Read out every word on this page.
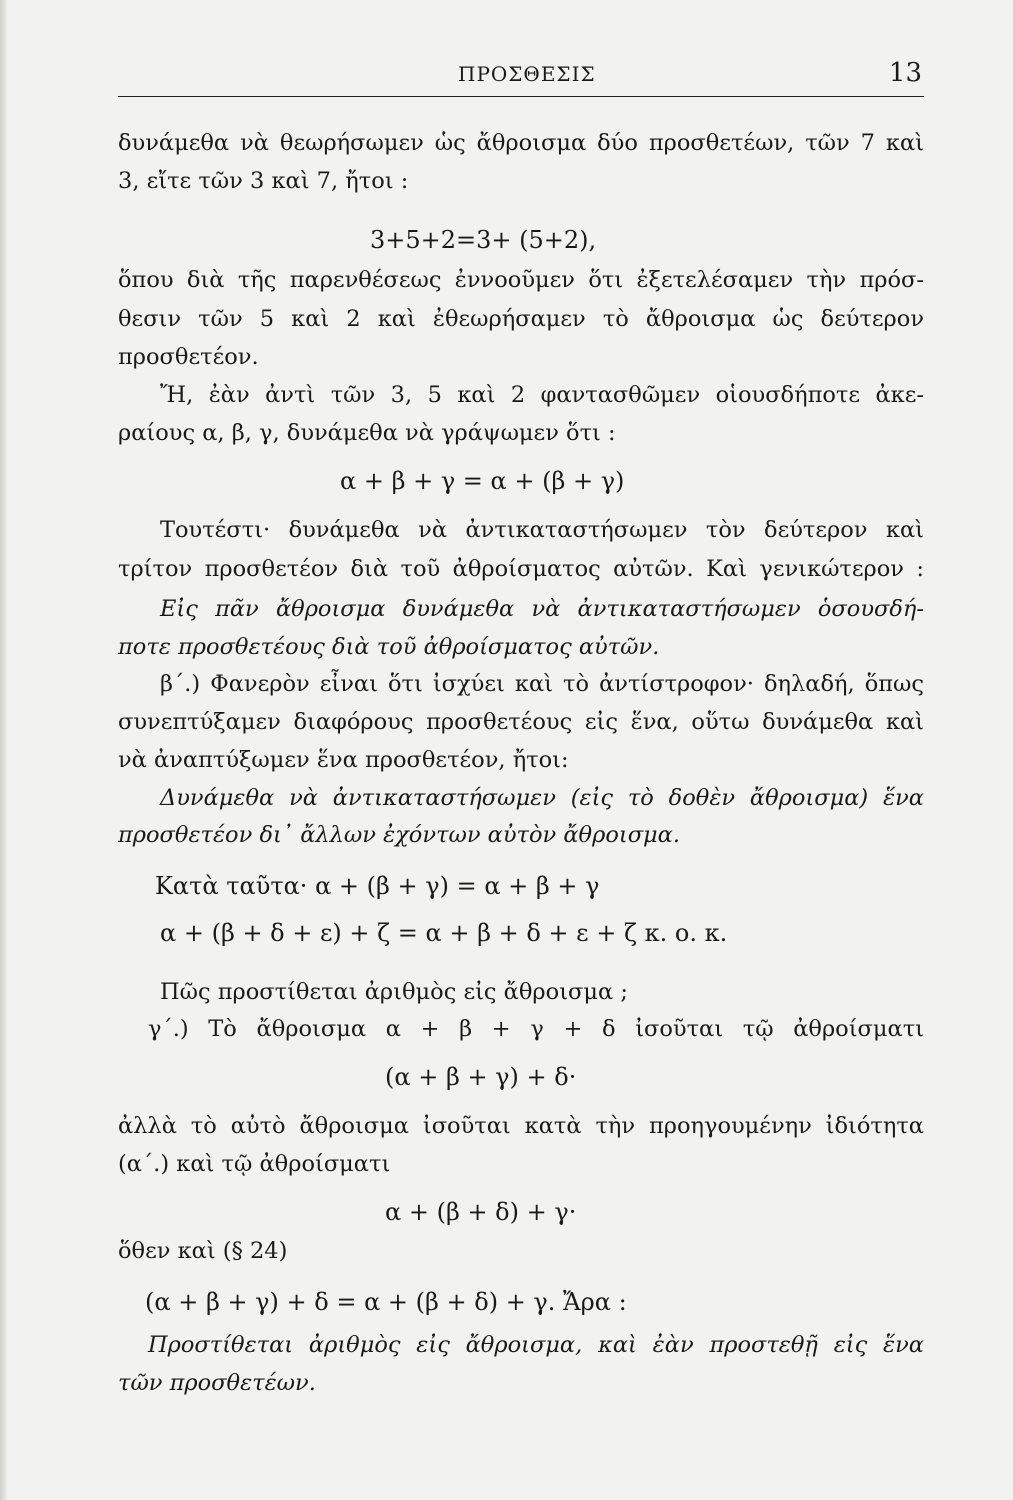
ΠΡΟΣΘΕΣΙΣ	13
δυνάμεθα νὰ θεωρήσωμεν ὡς ἄθροισμα δύο προσθετέων, τῶν 7 καὶ
3, εἴτε τῶν 3 καὶ 7, ἤτοι :
3+5+2=3+ (5+2),
ὅπου διὰ τῆς παρενθέσεως ἐννοοῦμεν ὅτι ἐξετελέσαμεν τὴν πρόσ-
θεσιν τῶν 5 καὶ 2 καὶ ἐθεωρήσαμεν τὸ ἄθροισμα ὡς δεύτερον
προσθετέον.
Ἤ, ἐὰν ἀντὶ τῶν 3, 5 καὶ 2 φαντασθῶμεν οἱουσδήποτε ἀκε-
ραίους α, β, γ, δυνάμεθα νὰ γράψωμεν ὅτι :
α + β + γ = α + (β + γ)
Τουτέστι· δυνάμεθα νὰ ἀντικαταστήσωμεν τὸν δεύτερον καὶ
τρίτον προσθετέον διὰ τοῦ ἀθροίσματος αὐτῶν. Καὶ γενικώτερον :
Εἰς πᾶν ἄθροισμα δυνάμεθα νὰ ἀντικαταστήσωμεν ὁσουσδή-
ποτε προσθετέους διὰ τοῦ ἀθροίσματος αὐτῶν.
β΄.) Φανερὸν εἶναι ὅτι ἰσχύει καὶ τὸ ἀντίστροφον· δηλαδή, ὅπως
συνεπτύξαμεν διαφόρους προσθετέους εἰς ἕνα, οὕτω δυνάμεθα καὶ
νὰ ἀναπτύξωμεν ἕνα προσθετέον, ἤτοι:
Δυνάμεθα νὰ ἀντικαταστήσωμεν (εἰς τὸ δοθὲν ἄθροισμα) ἕνα
προσθετέον δι᾿ ἄλλων ἐχόντων αὐτὸν ἄθροισμα.
Κατὰ ταῦτα· α + (β + γ) = α + β + γ
α + (β + δ + ε) + ζ = α + β + δ + ε + ζ κ. ο. κ.
Πῶς προστίθεται ἀριθμὸς εἰς ἄθροισμα ;
γ΄.) Τὸ ἄθροισμα α + β + γ + δ ἰσοῦται τῷ ἀθροίσματι
(α + β + γ) + δ·
ἀλλὰ τὸ αὐτὸ ἄθροισμα ἰσοῦται κατὰ τὴν προηγουμένην ἰδιότητα
(α΄.) καὶ τῷ ἀθροίσματι
α + (β + δ) + γ·
ὅθεν καὶ (§ 24)
(α + β + γ) + δ = α + (β + δ) + γ. Ἄρα :
Προστίθεται ἀριθμὸς εἰς ἄθροισμα, καὶ ἐὰν προστεθῇ εἰς ἕνα
τῶν προσθετέων.
